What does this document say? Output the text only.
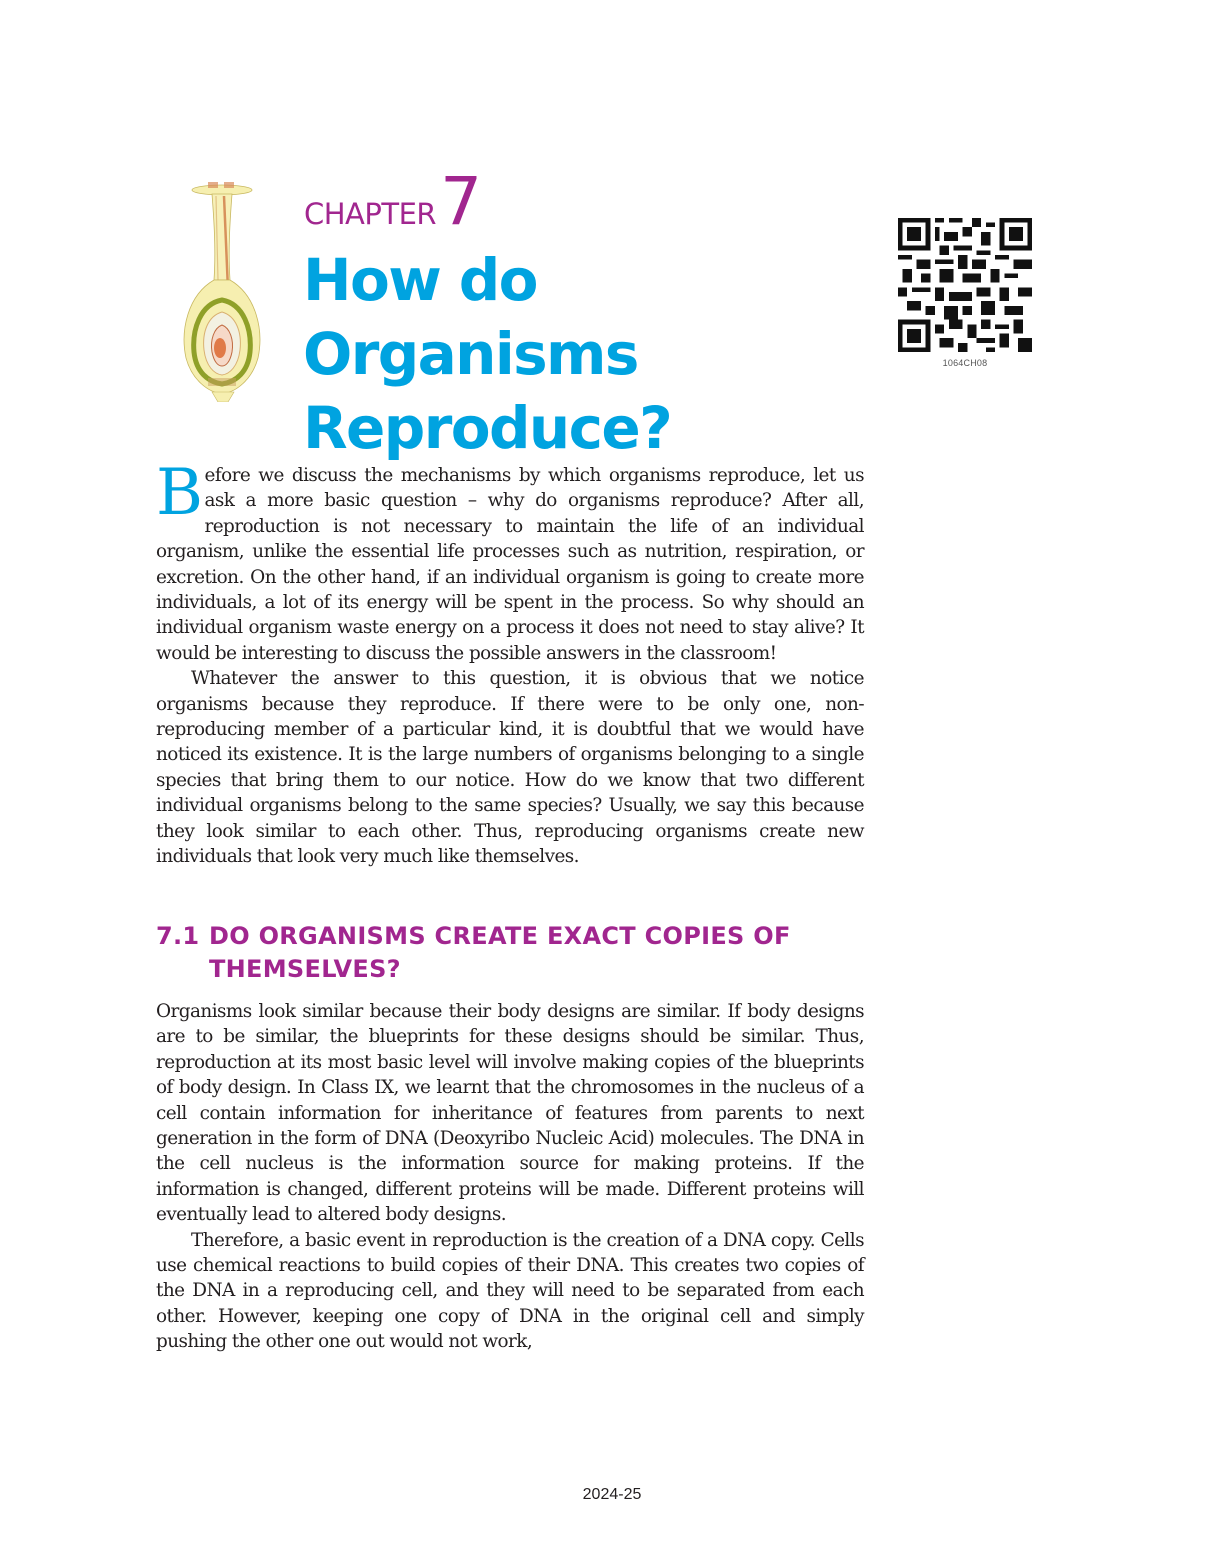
CHAPTER7
How do Organisms
Reproduce?
1064CH08

Before we discuss the mechanisms by which organisms reproduce, let us ask a more basic question – why do organisms reproduce? After all, reproduction is not necessary to maintain the life of an individual organism, unlike the essential life processes such as nutrition, respiration, or excretion. On the other hand, if an individual organism is going to create more individuals, a lot of its energy will be spent in the process. So why should an individual organism waste energy on a process it does not need to stay alive? It would be interesting to discuss the possible answers in the classroom!

Whatever the answer to this question, it is obvious that we notice organisms because they reproduce. If there were to be only one, non-reproducing member of a particular kind, it is doubtful that we would have noticed its existence. It is the large numbers of organisms belonging to a single species that bring them to our notice. How do we know that two different individual organisms belong to the same species? Usually, we say this because they look similar to each other. Thus, reproducing organisms create new individuals that look very much like themselves.

7.1 DO ORGANISMS CREATE EXACT COPIES OF
THEMSELVES?

Organisms look similar because their body designs are similar. If body designs are to be similar, the blueprints for these designs should be similar. Thus, reproduction at its most basic level will involve making copies of the blueprints of body design. In Class IX, we learnt that the chromosomes in the nucleus of a cell contain information for inheritance of features from parents to next generation in the form of DNA (Deoxyribo Nucleic Acid) molecules. The DNA in the cell nucleus is the information source for making proteins. If the information is changed, different proteins will be made. Different proteins will eventually lead to altered body designs.

Therefore, a basic event in reproduction is the creation of a DNA copy. Cells use chemical reactions to build copies of their DNA. This creates two copies of the DNA in a reproducing cell, and they will need to be separated from each other. However, keeping one copy of DNA in the original cell and simply pushing the other one out would not work,

2024-25
